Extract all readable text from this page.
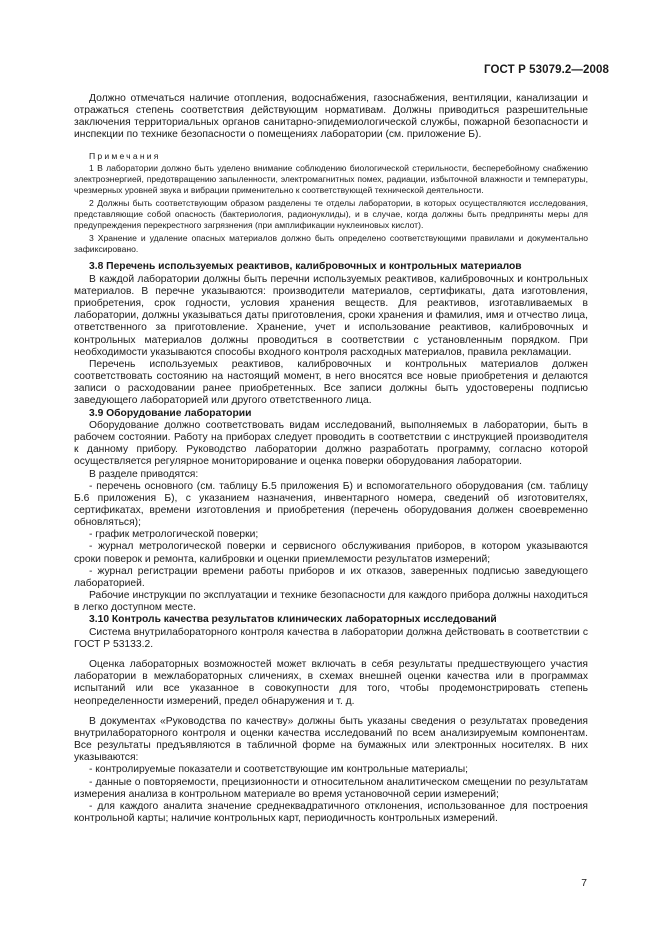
ГОСТ Р 53079.2—2008

Должно отмечаться наличие отопления, водоснабжения, газоснабжения, вентиляции, канализации и отражаться степень соответствия действующим нормативам. Должны приводиться разрешительные заключения территориальных органов санитарно-эпидемиологической службы, пожарной безопасности и инспекции по технике безопасности о помещениях лаборатории (см. приложение Б).

Примечания

1 В лаборатории должно быть уделено внимание соблюдению биологической стерильности, бесперебойному снабжению электроэнергией, предотвращению запыленности, электромагнитных помех, радиации, избыточной влажности и температуры, чрезмерных уровней звука и вибрации применительно к соответствующей технической деятельности.

2 Должны быть соответствующим образом разделены те отделы лаборатории, в которых осуществляются исследования, представляющие собой опасность (бактериология, радионуклиды), и в случае, когда должны быть предприняты меры для предупреждения перекрестного загрязнения (при амплификации нуклеиновых кислот).

3 Хранение и удаление опасных материалов должно быть определено соответствующими правилами и документально зафиксировано.

3.8 Перечень используемых реактивов, калибровочных и контрольных материалов

В каждой лаборатории должны быть перечни используемых реактивов, калибровочных и контрольных материалов. В перечне указываются: производители материалов, сертификаты, дата изготовления, приобретения, срок годности, условия хранения веществ. Для реактивов, изготавливаемых в лаборатории, должны указываться даты приготовления, сроки хранения и фамилия, имя и отчество лица, ответственного за приготовление. Хранение, учет и использование реактивов, калибровочных и контрольных материалов должны проводиться в соответствии с установленным порядком. При необходимости указываются способы входного контроля расходных материалов, правила рекламации.

Перечень используемых реактивов, калибровочных и контрольных материалов должен соответствовать состоянию на настоящий момент, в него вносятся все новые приобретения и делаются записи о расходовании ранее приобретенных. Все записи должны быть удостоверены подписью заведующего лабораторией или другого ответственного лица.

3.9 Оборудование лаборатории

Оборудование должно соответствовать видам исследований, выполняемых в лаборатории, быть в рабочем состоянии. Работу на приборах следует проводить в соответствии с инструкцией производителя к данному прибору. Руководство лаборатории должно разработать программу, согласно которой осуществляется регулярное мониторирование и оценка поверки оборудования лаборатории.

В разделе приводятся:

- перечень основного (см. таблицу Б.5 приложения Б) и вспомогательного оборудования (см. таблицу Б.6 приложения Б), с указанием назначения, инвентарного номера, сведений об изготовителях, сертификатах, времени изготовления и приобретения (перечень оборудования должен своевременно обновляться);

- график метрологической поверки;

- журнал метрологической поверки и сервисного обслуживания приборов, в котором указываются сроки поверок и ремонта, калибровки и оценки приемлемости результатов измерений;

- журнал регистрации времени работы приборов и их отказов, заверенных подписью заведующего лабораторией.

Рабочие инструкции по эксплуатации и технике безопасности для каждого прибора должны находиться в легко доступном месте.

3.10 Контроль качества результатов клинических лабораторных исследований

Система внутрилабораторного контроля качества в лаборатории должна действовать в соответствии с ГОСТ Р 53133.2.

Оценка лабораторных возможностей может включать в себя результаты предшествующего участия лаборатории в межлабораторных сличениях, в схемах внешней оценки качества или в программах испытаний или все указанное в совокупности для того, чтобы продемонстрировать степень неопределенности измерений, предел обнаружения и т. д.

В документах «Руководства по качеству» должны быть указаны сведения о результатах проведения внутрилабораторного контроля и оценки качества исследований по всем анализируемым компонентам. Все результаты предъявляются в табличной форме на бумажных или электронных носителях. В них указываются:

- контролируемые показатели и соответствующие им контрольные материалы;

- данные о повторяемости, прецизионности и относительном аналитическом смещении по результатам измерения анализа в контрольном материале во время установочной серии измерений;

- для каждого аналита значение среднеквадратичного отклонения, использованное для построения контрольной карты; наличие контрольных карт, периодичность контрольных измерений.

7
